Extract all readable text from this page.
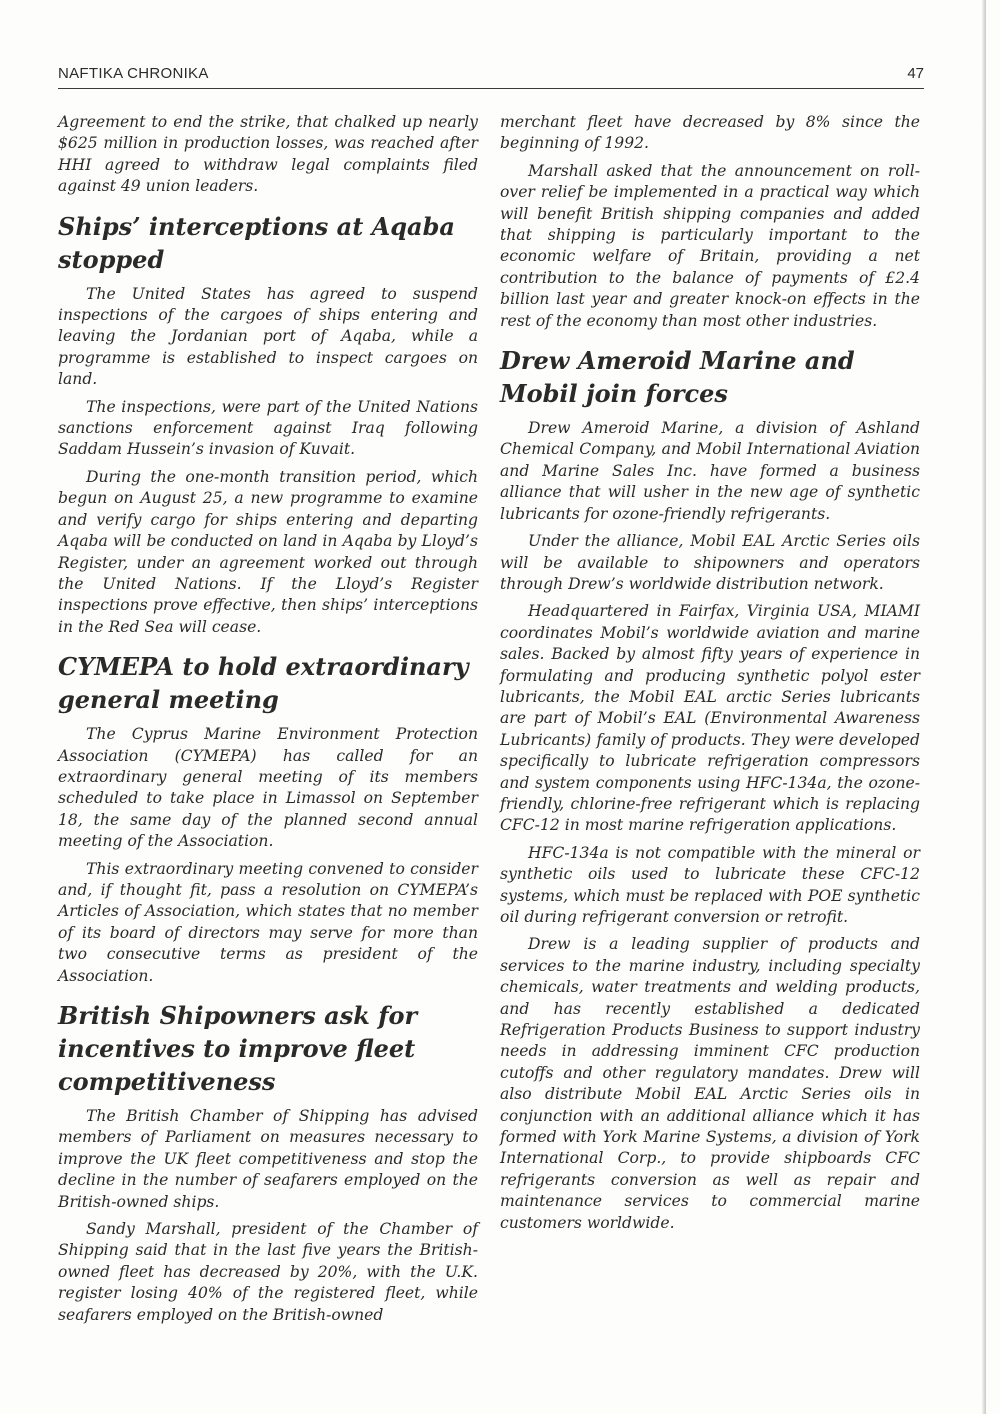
NAFTIKA CHRONIKA	47

Agreement to end the strike, that chalked up nearly $625 million in production losses, was reached after HHI agreed to withdraw legal complaints filed against 49 union leaders.

Ships’ interceptions at Aqaba stopped

The United States has agreed to suspend inspections of the cargoes of ships entering and leaving the Jordanian port of Aqaba, while a programme is established to inspect cargoes on land.

The inspections, were part of the United Nations sanctions enforcement against Iraq following Saddam Hussein’s invasion of Kuvait.

During the one-month transition period, which begun on August 25, a new programme to examine and verify cargo for ships entering and departing Aqaba will be conducted on land in Aqaba by Lloyd’s Register, under an agreement worked out through the United Nations. If the Lloyd’s Register inspections prove effective, then ships’ interceptions in the Red Sea will cease.

CYMEPA to hold extraordinary general meeting

The Cyprus Marine Environment Protection Association (CYMEPA) has called for an extraordinary general meeting of its members scheduled to take place in Limassol on September 18, the same day of the planned second annual meeting of the Association.

This extraordinary meeting convened to consider and, if thought fit, pass a resolution on CYMEPA’s Articles of Association, which states that no member of its board of directors may serve for more than two consecutive terms as president of the Association.

British Shipowners ask for incentives to improve fleet competitiveness

The British Chamber of Shipping has advised members of Parliament on measures necessary to improve the UK fleet competitiveness and stop the decline in the number of seafarers employed on the British-owned ships.

Sandy Marshall, president of the Chamber of Shipping said that in the last five years the British-owned fleet has decreased by 20%, with the U.K. register losing 40% of the registered fleet, while seafarers employed on the British-owned

merchant fleet have decreased by 8% since the beginning of 1992.

Marshall asked that the announcement on roll-over relief be implemented in a practical way which will benefit British shipping companies and added that shipping is particularly important to the economic welfare of Britain, providing a net contribution to the balance of payments of £2.4 billion last year and greater knock-on effects in the rest of the economy than most other industries.

Drew Ameroid Marine and Mobil join forces

Drew Ameroid Marine, a division of Ashland Chemical Company, and Mobil International Aviation and Marine Sales Inc. have formed a business alliance that will usher in the new age of synthetic lubricants for ozone-friendly refrigerants.

Under the alliance, Mobil EAL Arctic Series oils will be available to shipowners and operators through Drew’s worldwide distribution network.

Headquartered in Fairfax, Virginia USA, MIAMI coordinates Mobil’s worldwide aviation and marine sales. Backed by almost fifty years of experience in formulating and producing synthetic polyol ester lubricants, the Mobil EAL arctic Series lubricants are part of Mobil’s EAL (Environmental Awareness Lubricants) family of products. They were developed specifically to lubricate refrigeration compressors and system components using HFC-134a, the ozone-friendly, chlorine-free refrigerant which is replacing CFC-12 in most marine refrigeration applications.

HFC-134a is not compatible with the mineral or synthetic oils used to lubricate these CFC-12 systems, which must be replaced with POE synthetic oil during refrigerant conversion or retrofit.

Drew is a leading supplier of products and services to the marine industry, including specialty chemicals, water treatments and welding products, and has recently established a dedicated Refrigeration Products Business to support industry needs in addressing imminent CFC production cutoffs and other regulatory mandates. Drew will also distribute Mobil EAL Arctic Series oils in conjunction with an additional alliance which it has formed with York Marine Systems, a division of York International Corp., to provide shipboards CFC refrigerants conversion as well as repair and maintenance services to commercial marine customers worldwide.
